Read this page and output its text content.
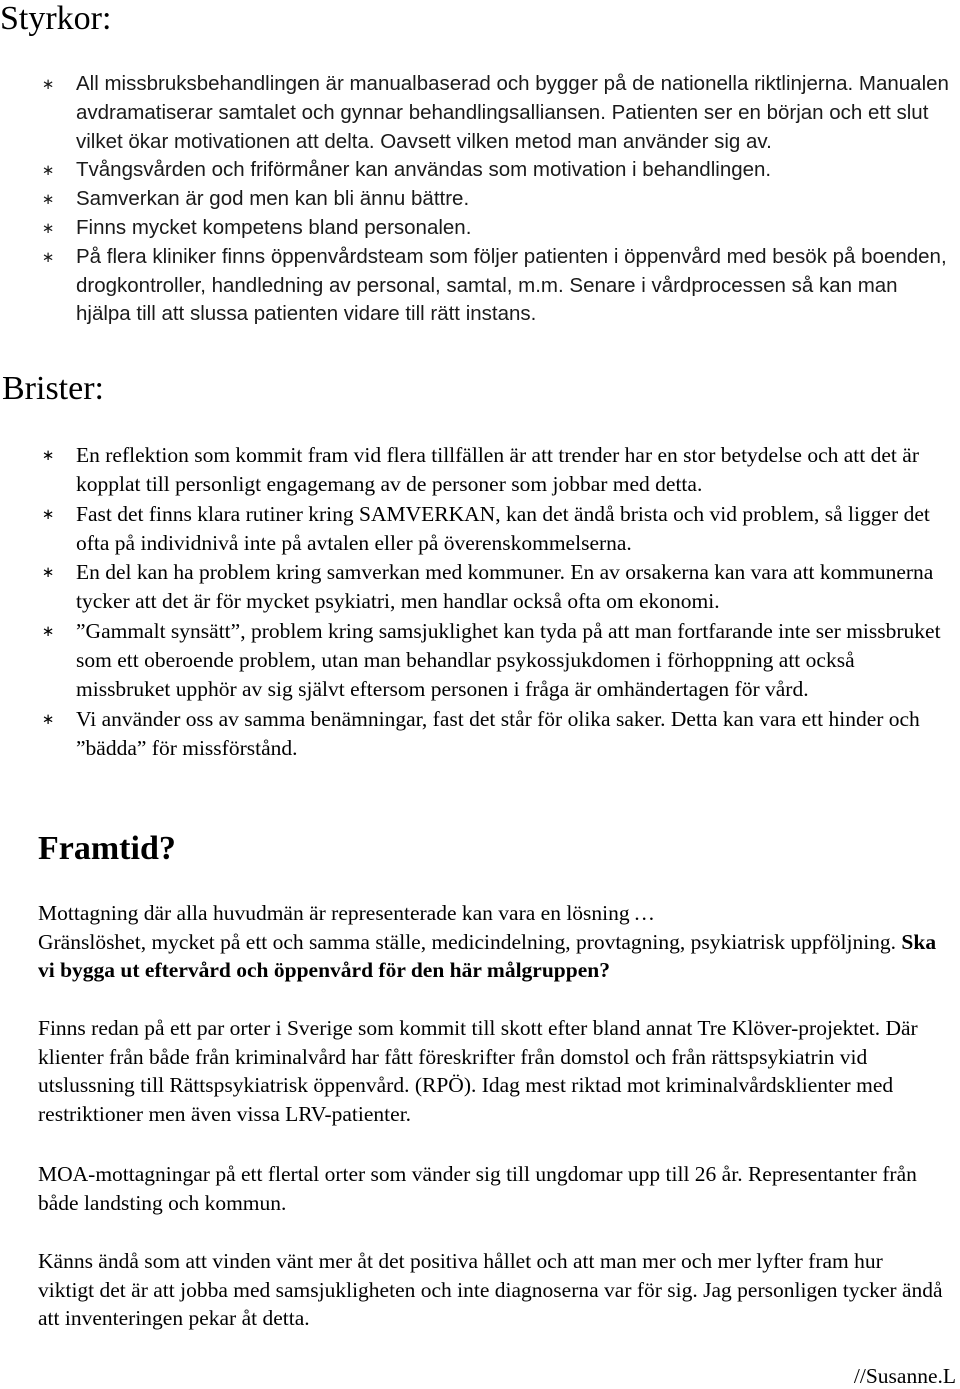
Styrkor:
∗ All missbruksbehandlingen är manualbaserad och bygger på de nationella riktlinjerna. Manualen avdramatiserar samtalet och gynnar behandlingsalliansen. Patienten ser en början och ett slut vilket ökar motivationen att delta. Oavsett vilken metod man använder sig av.
∗ Tvångsvården och friförmåner kan användas som motivation i behandlingen.
∗ Samverkan är god men kan bli ännu bättre.
∗ Finns mycket kompetens bland personalen.
∗ På flera kliniker finns öppenvårdsteam som följer patienten i öppenvård med besök på boenden, drogkontroller, handledning av personal, samtal, m.m. Senare i vårdprocessen så kan man hjälpa till att slussa patienten vidare till rätt instans.
Brister:
∗ En reflektion som kommit fram vid flera tillfällen är att trender har en stor betydelse och att det är kopplat till personligt engagemang av de personer som jobbar med detta.
∗ Fast det finns klara rutiner kring SAMVERKAN, kan det ändå brista och vid problem, så ligger det ofta på individnivå inte på avtalen eller på överenskommelserna.
∗ En del kan ha problem kring samverkan med kommuner. En av orsakerna kan vara att kommunerna tycker att det är för mycket psykiatri, men handlar också ofta om ekonomi.
∗ ”Gammalt synsätt”, problem kring samsjuklighet kan tyda på att man fortfarande inte ser missbruket som ett oberoende problem, utan man behandlar psykossjukdomen i förhoppning att också missbruket upphör av sig självt eftersom personen i fråga är omhändertagen för vård.
∗ Vi använder oss av samma benämningar, fast det står för olika saker. Detta kan vara ett hinder och ”bädda” för missförstånd.
Framtid?

Mottagning där alla huvudmän är representerade kan vara en lösning …
Gränslöshet, mycket på ett och samma ställe, medicindelning, provtagning, psykiatrisk uppföljning. Ska vi bygga ut eftervård och öppenvård för den här målgruppen?

Finns redan på ett par orter i Sverige som kommit till skott efter bland annat Tre Klöver-projektet. Där klienter från både från kriminalvård har fått föreskrifter från domstol och från rättspsykiatrin vid utslussning till Rättspsykiatrisk öppenvård. (RPÖ). Idag mest riktad mot kriminalvårdsklienter med restriktioner men även vissa LRV-patienter.

MOA-mottagningar på ett flertal orter som vänder sig till ungdomar upp till 26 år. Representanter från både landsting och kommun.

Känns ändå som att vinden vänt mer åt det positiva hållet och att man mer och mer lyfter fram hur viktigt det är att jobba med samsjukligheten och inte diagnoserna var för sig. Jag personligen tycker ändå att inventeringen pekar åt detta.

//Susanne.L
